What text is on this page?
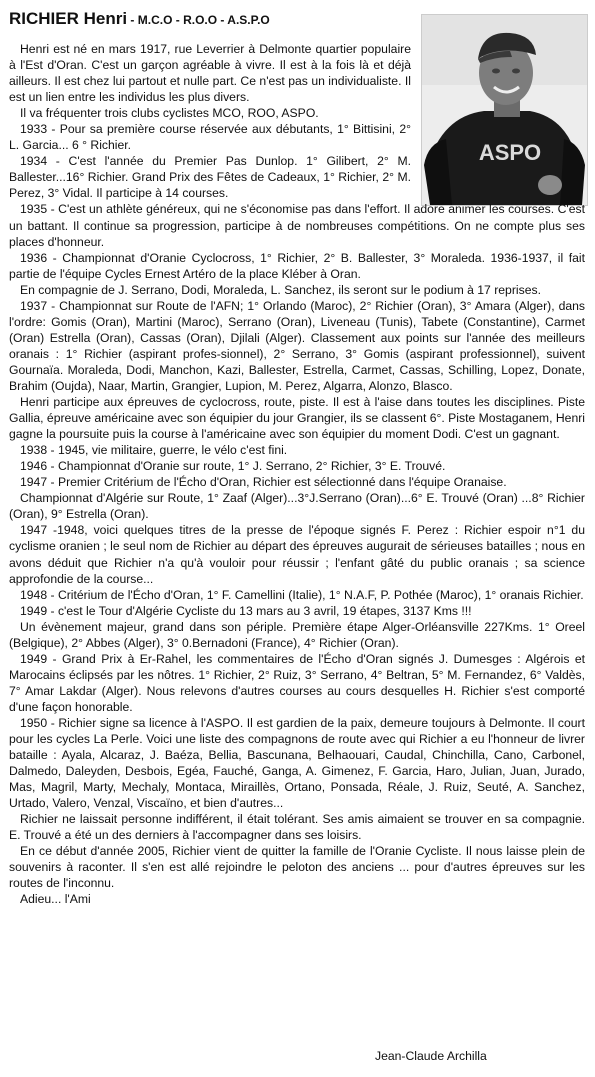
RICHIER Henri - M.C.O - R.O.O - A.S.P.O
ASPO

Henri est né en mars 1917, rue Leverrier à Delmonte quartier populaire à l'Est d'Oran. C'est un garçon agréable à vivre. Il est à la fois là et déjà ailleurs. Il est chez lui partout et nulle part. Ce n'est pas un individualiste. Il est un lien entre les individus les plus divers.

Il va fréquenter trois clubs cyclistes MCO, ROO, ASPO.

1933 - Pour sa première course réservée aux débutants, 1° Bittisini, 2° L. Garcia... 6 ° Richier.

1934 - C'est l'année du Premier Pas Dunlop. 1° Gilibert, 2° M. Ballester...16° Richier. Grand Prix des Fêtes de Cadeaux, 1° Richier, 2° M. Perez, 3° Vidal. Il participe à 14 courses.

1935 - C'est un athlète généreux, qui ne s'économise pas dans l'effort. Il adore animer les courses. C'est un battant. Il continue sa progression, participe à de nombreuses compétitions. On ne compte plus ses places d'honneur.

1936 - Championnat d'Oranie Cyclocross, 1° Richier, 2° B. Ballester, 3° Moraleda. 1936-1937, il fait partie de l'équipe Cycles Ernest Artéro de la place Kléber à Oran.

En compagnie de J. Serrano, Dodi, Moraleda, L. Sanchez, ils seront sur le podium à 17 reprises.

1937 - Championnat sur Route de l'AFN; 1° Orlando (Maroc), 2° Richier (Oran), 3° Amara (Alger), dans l'ordre: Gomis (Oran), Martini (Maroc), Serrano (Oran), Liveneau (Tunis), Tabete (Constantine), Carmet (Oran) Estrella (Oran), Cassas (Oran), Djilali (Alger). Classement aux points sur l'année des meilleurs oranais : 1° Richier (aspirant profes-sionnel), 2° Serrano, 3° Gomis (aspirant professionnel), suivent Gournaïa. Moraleda, Dodi, Manchon, Kazi, Ballester, Estrella, Carmet, Cassas, Schilling, Lopez, Donate, Brahim (Oujda), Naar, Martin, Grangier, Lupion, M. Perez, Algarra, Alonzo, Blasco.

Henri participe aux épreuves de cyclocross, route, piste. Il est à l'aise dans toutes les disciplines. Piste Gallia, épreuve américaine avec son équipier du jour Grangier, ils se classent 6°. Piste Mostaganem, Henri gagne la poursuite puis la course à l'américaine avec son équipier du moment Dodi. C'est un gagnant.

1938 - 1945, vie militaire, guerre, le vélo c'est fini.

1946 - Championnat d'Oranie sur route, 1° J. Serrano, 2° Richier, 3° E. Trouvé.

1947 - Premier Critérium de l'Écho d'Oran, Richier est sélectionné dans l'équipe Oranaise.

Championnat d'Algérie sur Route, 1° Zaaf (Alger)...3°J.Serrano (Oran)...6° E. Trouvé (Oran) ...8° Richier (Oran), 9° Estrella (Oran).

1947 -1948, voici quelques titres de la presse de l'époque signés F. Perez : Richier espoir n°1 du cyclisme oranien ; le seul nom de Richier au départ des épreuves augurait de sérieuses batailles ; nous en avons déduit que Richier n'a qu'à vouloir pour réussir ; l'enfant gâté du public oranais ; sa science approfondie de la course...

1948 - Critérium de l'Écho d'Oran, 1° F. Camellini (Italie), 1° N.A.F, P. Pothée (Maroc), 1° oranais Richier.

1949 - c'est le Tour d'Algérie Cycliste du 13 mars au 3 avril, 19 étapes, 3137 Kms !!!

Un évènement majeur, grand dans son périple. Première étape Alger-Orléansville 227Kms. 1° Oreel (Belgique), 2° Abbes (Alger), 3° 0.Bernadoni (France), 4° Richier (Oran).

1949 - Grand Prix à Er-Rahel, les commentaires de l'Écho d'Oran signés J. Dumesges : Algérois et Marocains éclipsés par les nôtres. 1° Richier, 2° Ruiz, 3° Serrano, 4° Beltran, 5° M. Fernandez, 6° Valdès, 7° Amar Lakdar (Alger). Nous relevons d'autres courses au cours desquelles H. Richier s'est comporté d'une façon honorable.

1950 - Richier signe sa licence à l'ASPO. Il est gardien de la paix, demeure toujours à Delmonte. Il court pour les cycles La Perle. Voici une liste des compagnons de route avec qui Richier a eu l'honneur de livrer bataille : Ayala, Alcaraz, J. Baéza, Bellia, Bascunana, Belhaouari, Caudal, Chinchilla, Cano, Carbonel, Dalmedo, Daleyden, Desbois, Egéa, Fauché, Ganga, A. Gimenez, F. Garcia, Haro, Julian, Juan, Jurado, Mas, Magril, Marty, Mechaly, Montaca, Miraillès, Ortano, Ponsada, Réale, J. Ruiz, Seuté, A. Sanchez, Urtado, Valero, Venzal, Viscaïno, et bien d'autres...

Richier ne laissait personne indifférent, il était tolérant. Ses amis aimaient se trouver en sa compagnie. E. Trouvé a été un des derniers à l'accompagner dans ses loisirs.

En ce début d'année 2005, Richier vient de quitter la famille de l'Oranie Cycliste. Il nous laisse plein de souvenirs à raconter. Il s'en est allé rejoindre le peloton des anciens ... pour d'autres épreuves sur les routes de l'inconnu.

Adieu... l'Ami

Jean-Claude Archilla
